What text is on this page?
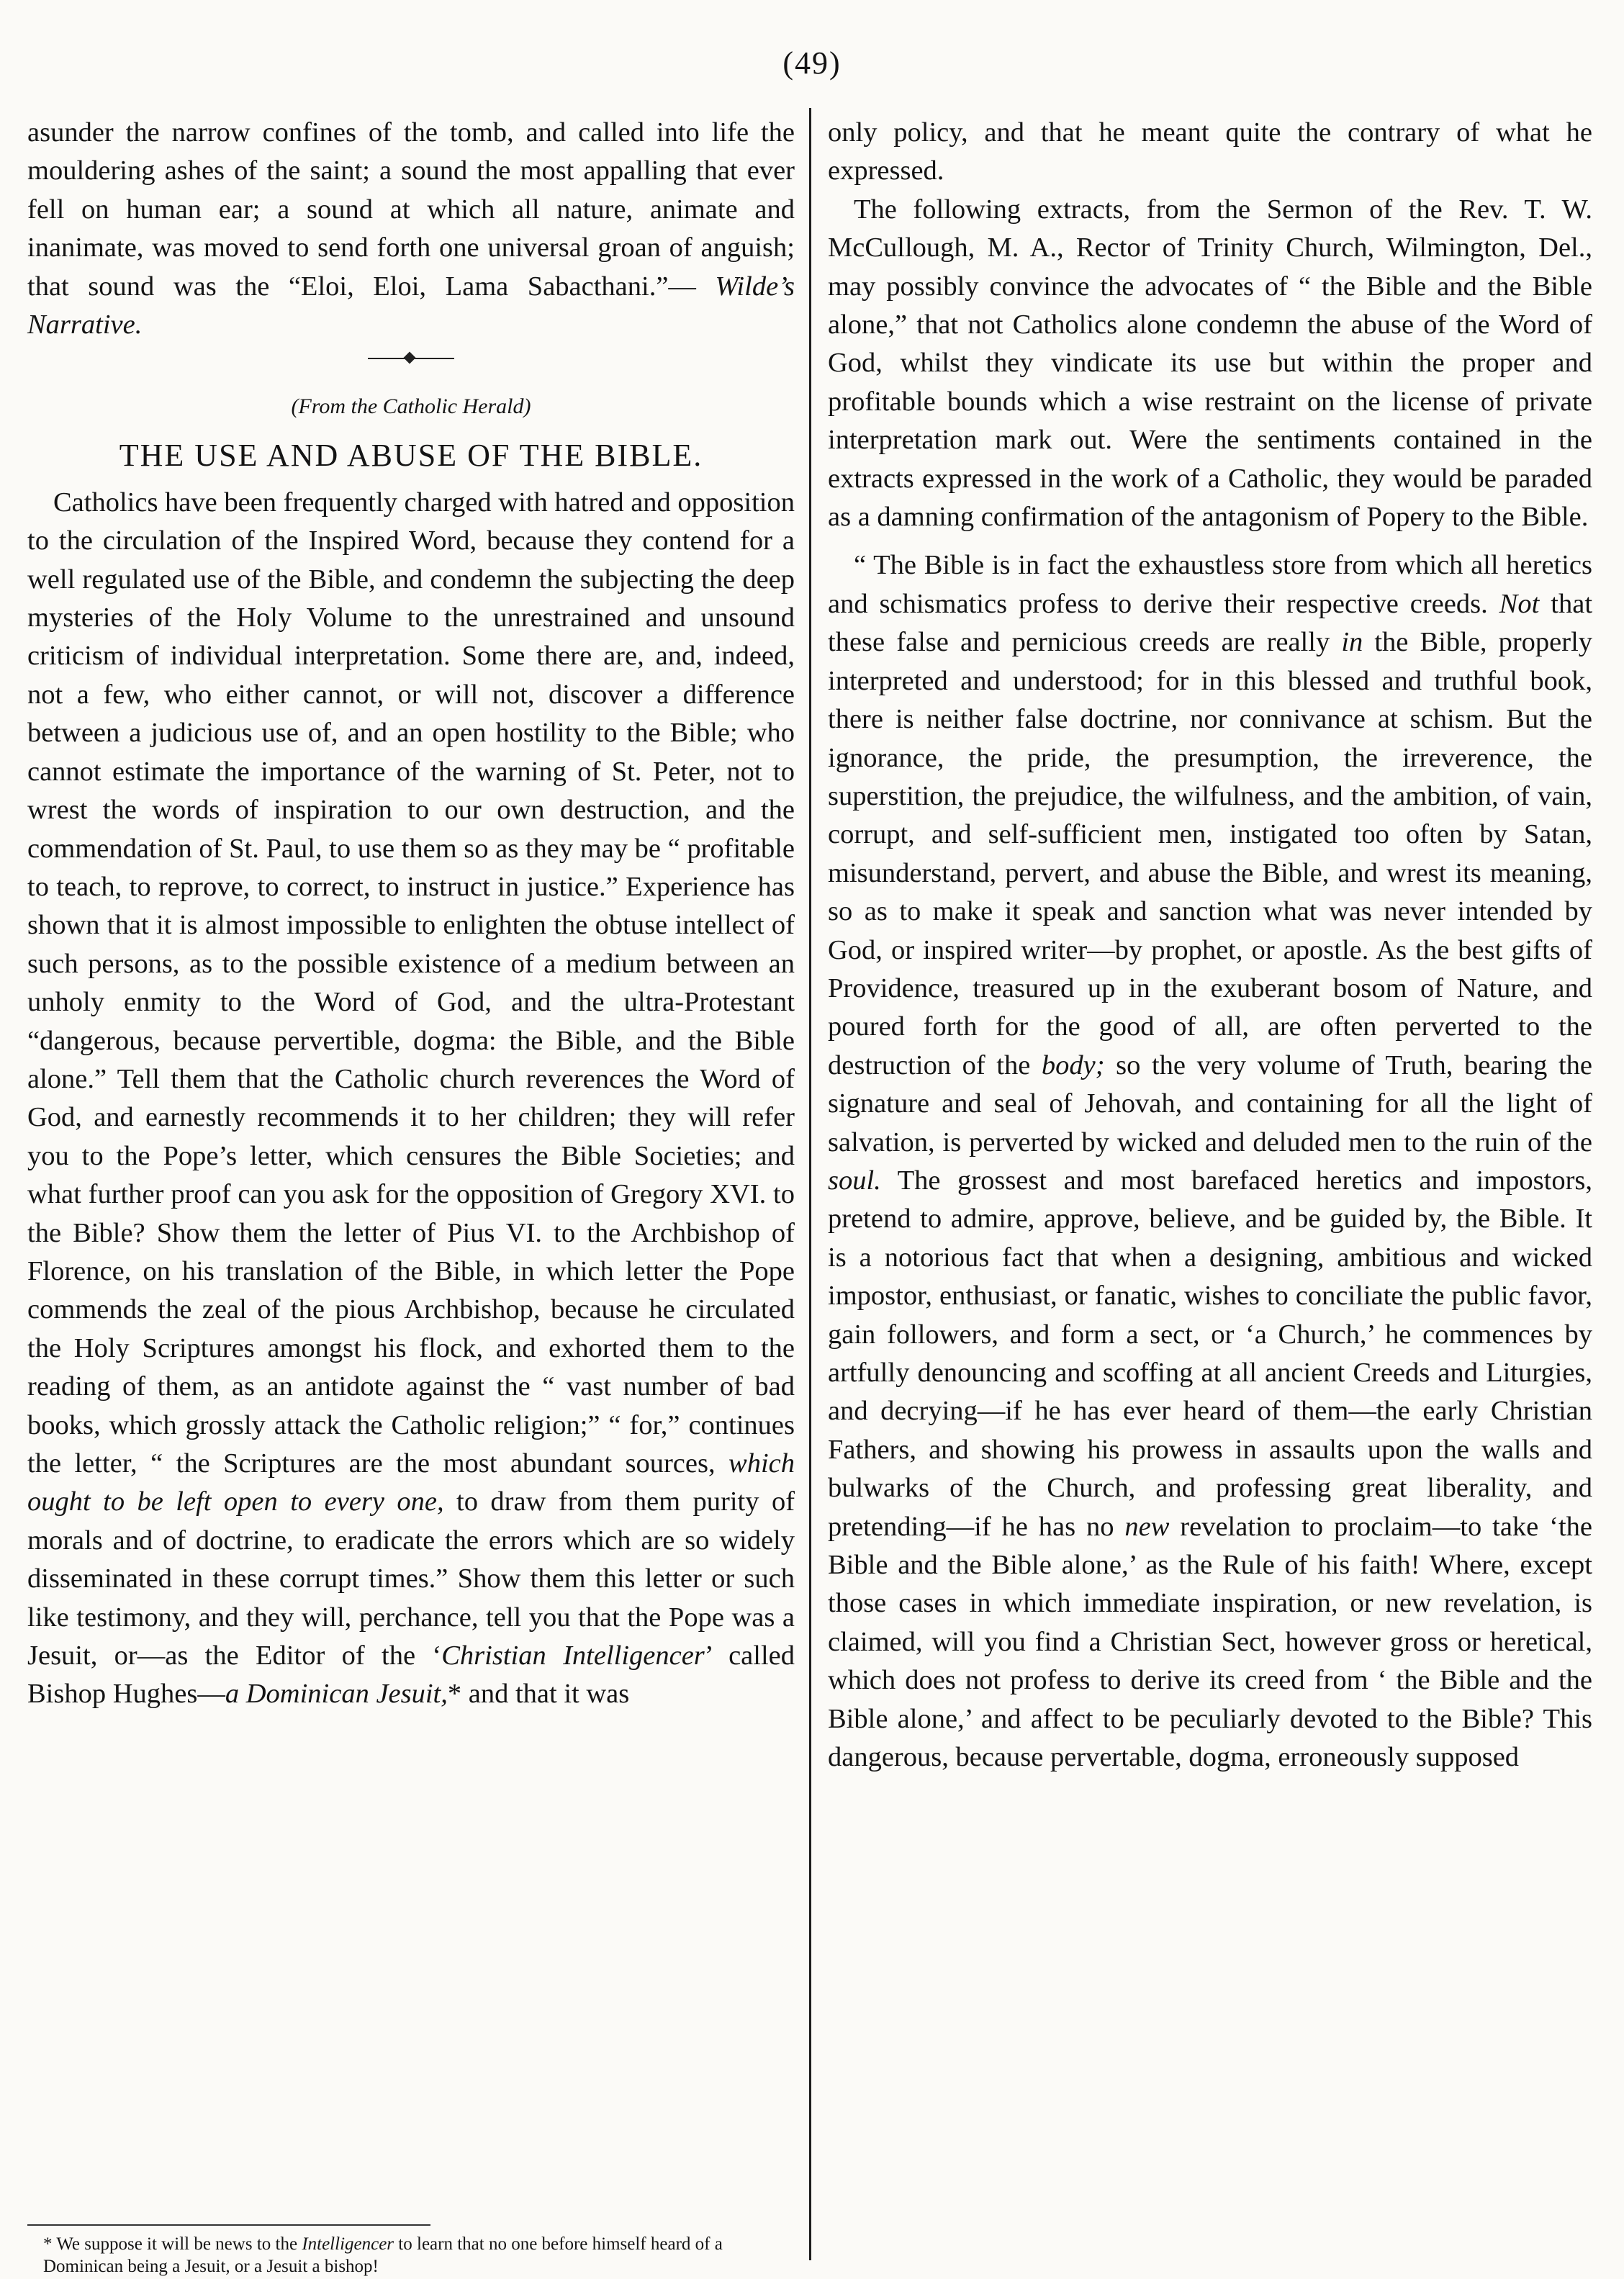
(49)

asunder the narrow confines of the tomb, and called into life the mouldering ashes of the saint; a sound the most appalling that ever fell on human ear; a sound at which all nature, animate and inanimate, was moved to send forth one universal groan of anguish; that sound was the “Eloi, Eloi, Lama Sabacthani.”— Wilde’s Narrative.

(From the Catholic Herald)

THE USE AND ABUSE OF THE BIBLE.

Catholics have been frequently charged with hatred and opposition to the circulation of the Inspired Word, because they contend for a well regulated use of the Bible, and condemn the subjecting the deep mysteries of the Holy Volume to the unrestrained and unsound criticism of individual interpretation. Some there are, and, indeed, not a few, who either cannot, or will not, discover a difference between a judicious use of, and an open hostility to the Bible; who cannot estimate the importance of the warning of St. Peter, not to wrest the words of inspiration to our own destruction, and the commendation of St. Paul, to use them so as they may be “ profitable to teach, to reprove, to correct, to instruct in justice.” Experience has shown that it is almost impossible to enlighten the obtuse intellect of such persons, as to the possible existence of a medium between an unholy enmity to the Word of God, and the ultra-Protestant “dangerous, because pervertible, dogma: the Bible, and the Bible alone.” Tell them that the Catholic church reverences the Word of God, and earnestly recommends it to her children; they will refer you to the Pope’s letter, which censures the Bible Societies; and what further proof can you ask for the opposition of Gregory XVI. to the Bible? Show them the letter of Pius VI. to the Archbishop of Florence, on his translation of the Bible, in which letter the Pope commends the zeal of the pious Archbishop, because he circulated the Holy Scriptures amongst his flock, and exhorted them to the reading of them, as an antidote against the “ vast number of bad books, which grossly attack the Catholic religion;” “ for,” continues the letter, “ the Scriptures are the most abundant sources, which ought to be left open to every one, to draw from them purity of morals and of doctrine, to eradicate the errors which are so widely disseminated in these corrupt times.” Show them this letter or such like testimony, and they will, perchance, tell you that the Pope was a Jesuit, or—as the Editor of the ‘Christian Intelligencer’ called Bishop Hughes—a Dominican Jesuit,* and that it was

only policy, and that he meant quite the contrary of what he expressed.

The following extracts, from the Sermon of the Rev. T. W. McCullough, M. A., Rector of Trinity Church, Wilmington, Del., may possibly convince the advocates of “ the Bible and the Bible alone,” that not Catholics alone condemn the abuse of the Word of God, whilst they vindicate its use but within the proper and profitable bounds which a wise restraint on the license of private interpretation mark out. Were the sentiments contained in the extracts expressed in the work of a Catholic, they would be paraded as a damning confirmation of the antagonism of Popery to the Bible.

“ The Bible is in fact the exhaustless store from which all heretics and schismatics profess to derive their respective creeds. Not that these false and pernicious creeds are really in the Bible, properly interpreted and understood; for in this blessed and truthful book, there is neither false doctrine, nor connivance at schism. But the ignorance, the pride, the presumption, the irreverence, the superstition, the prejudice, the wilfulness, and the ambition, of vain, corrupt, and self-sufficient men, instigated too often by Satan, misunderstand, pervert, and abuse the Bible, and wrest its meaning, so as to make it speak and sanction what was never intended by God, or inspired writer—by prophet, or apostle. As the best gifts of Providence, treasured up in the exuberant bosom of Nature, and poured forth for the good of all, are often perverted to the destruction of the body; so the very volume of Truth, bearing the signature and seal of Jehovah, and containing for all the light of salvation, is perverted by wicked and deluded men to the ruin of the soul. The grossest and most barefaced heretics and impostors, pretend to admire, approve, believe, and be guided by, the Bible. It is a notorious fact that when a designing, ambitious and wicked impostor, enthusiast, or fanatic, wishes to conciliate the public favor, gain followers, and form a sect, or ‘a Church,’ he commences by artfully denouncing and scoffing at all ancient Creeds and Liturgies, and decrying—if he has ever heard of them—the early Christian Fathers, and showing his prowess in assaults upon the walls and bulwarks of the Church, and professing great liberality, and pretending—if he has no new revelation to proclaim—to take ‘the Bible and the Bible alone,’ as the Rule of his faith! Where, except those cases in which immediate inspiration, or new revelation, is claimed, will you find a Christian Sect, however gross or heretical, which does not profess to derive its creed from ‘ the Bible and the Bible alone,’ and affect to be peculiarly devoted to the Bible? This dangerous, because pervertable, dogma, erroneously supposed

* We suppose it will be news to the Intelligencer to learn that no one before himself heard of a Dominican being a Jesuit, or a Jesuit a bishop!
